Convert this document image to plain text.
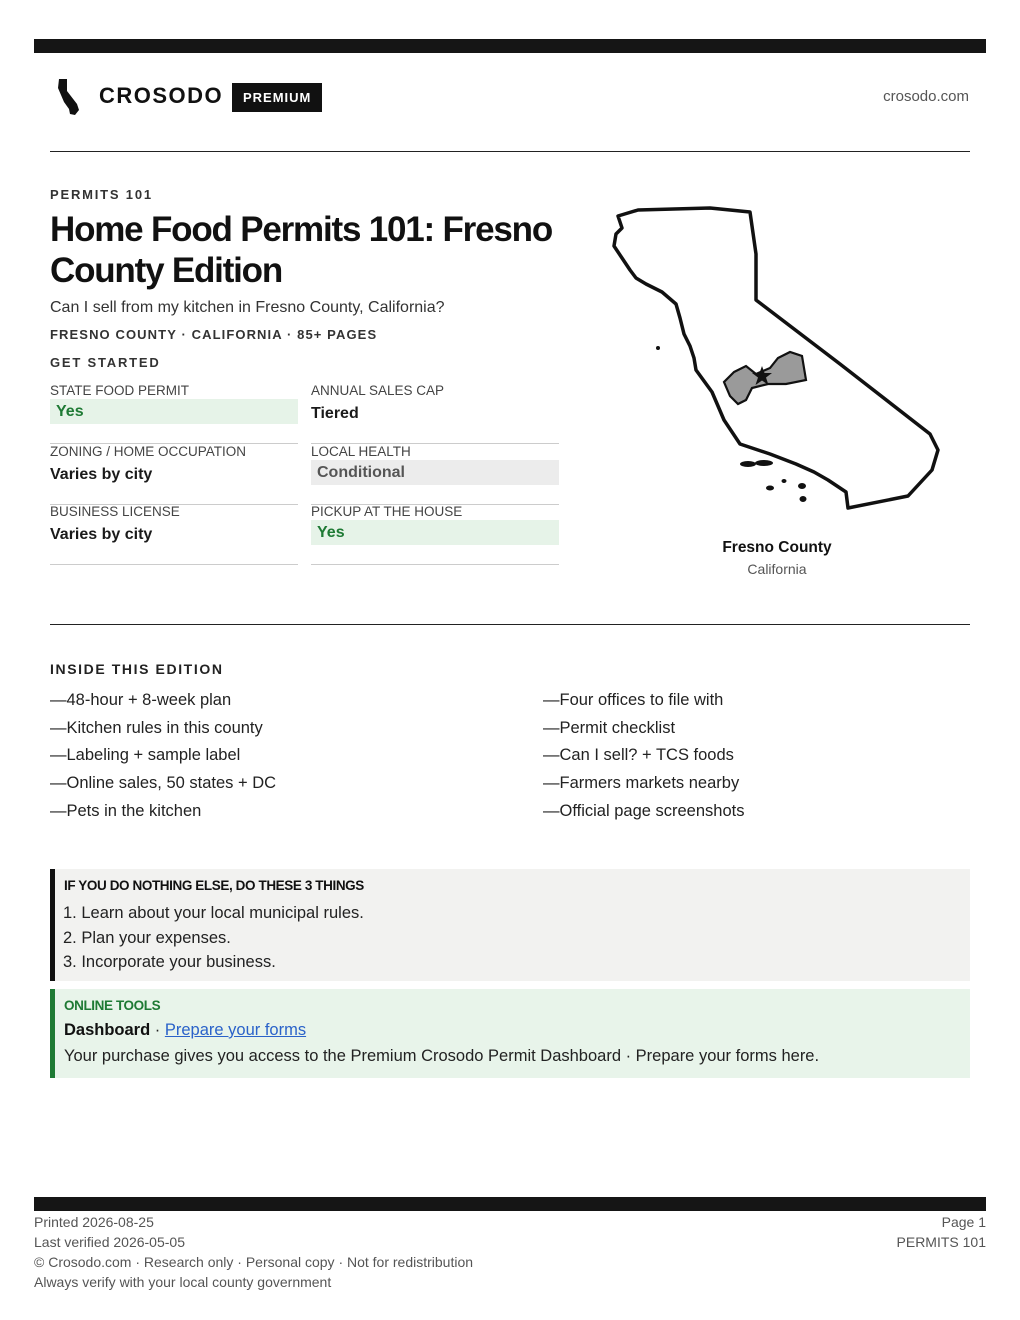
CROSODO	PREMIUM	crosodo.com
PERMITS 101
Home Food Permits 101: Fresno County Edition
Can I sell from my kitchen in Fresno County, California?
FRESNO COUNTY · CALIFORNIA · 85+ PAGES
GET STARTED
STATE FOOD PERMIT
Yes
ANNUAL SALES CAP
Tiered
ZONING / HOME OCCUPATION
Varies by city
LOCAL HEALTH
Conditional
BUSINESS LICENSE
Varies by city
PICKUP AT THE HOUSE
Yes
Fresno County
California
INSIDE THIS EDITION
—48-hour + 8-week plan
—Kitchen rules in this county
—Labeling + sample label
—Online sales, 50 states + DC
—Pets in the kitchen
—Four offices to file with
—Permit checklist
—Can I sell? + TCS foods
—Farmers markets nearby
—Official page screenshots
IF YOU DO NOTHING ELSE, DO THESE 3 THINGS
1. Learn about your local municipal rules.
2. Plan your expenses.
3. Incorporate your business.
ONLINE TOOLS
Dashboard · Prepare your forms
Your purchase gives you access to the Premium Crosodo Permit Dashboard · Prepare your forms here.
Printed 2026-08-25
Last verified 2026-05-05
© Crosodo.com · Research only · Personal copy · Not for redistribution
Always verify with your local county government
Page 1
PERMITS 101
